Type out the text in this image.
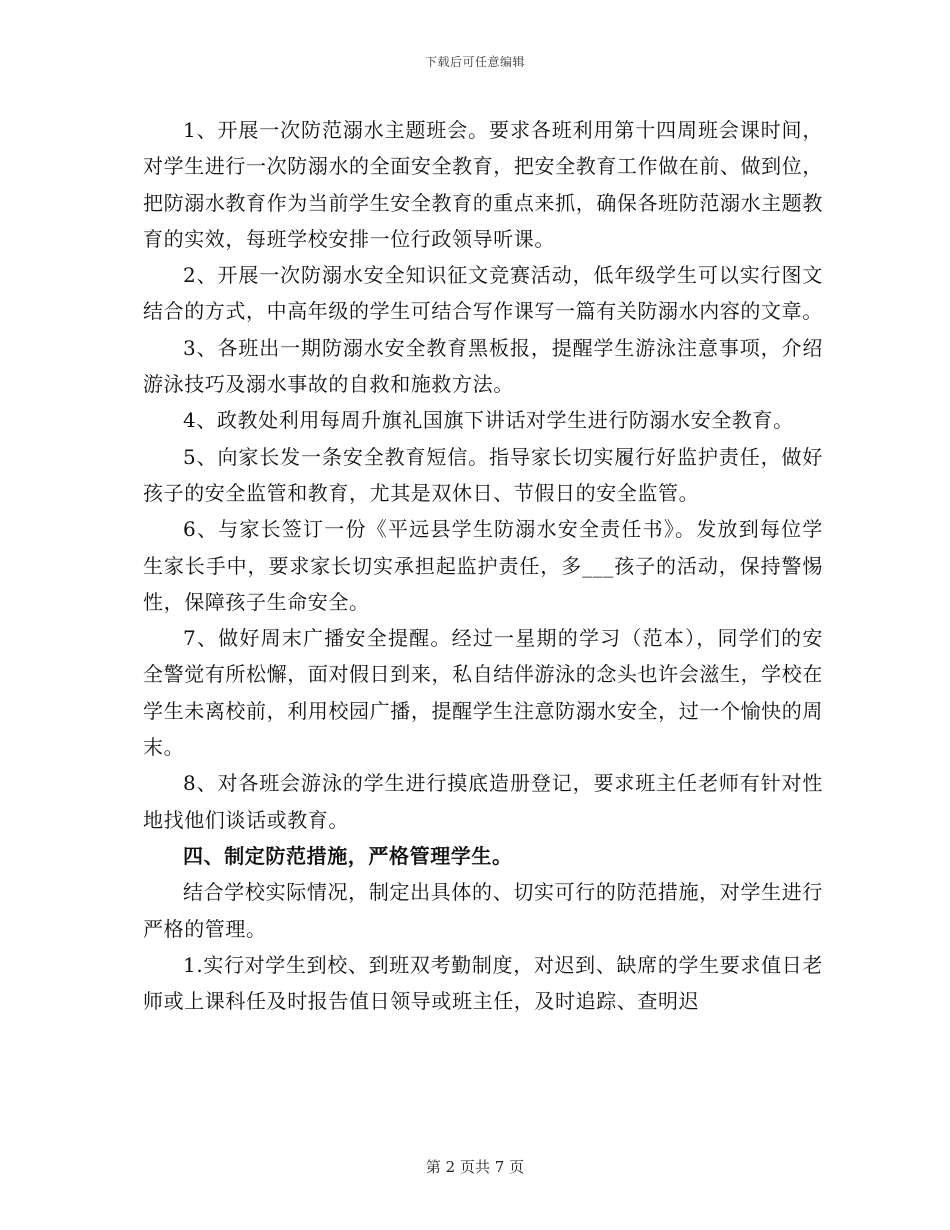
下载后可任意编辑

1、开展一次防范溺水主题班会。要求各班利用第十四周班会课时间，对学生进行一次防溺水的全面安全教育，把安全教育工作做在前、做到位，把防溺水教育作为当前学生安全教育的重点来抓，确保各班防范溺水主题教育的实效，每班学校安排一位行政领导听课。

2、开展一次防溺水安全知识征文竞赛活动，低年级学生可以实行图文结合的方式，中高年级的学生可结合写作课写一篇有关防溺水内容的文章。

3、各班出一期防溺水安全教育黑板报，提醒学生游泳注意事项，介绍游泳技巧及溺水事故的自救和施救方法。

4、政教处利用每周升旗礼国旗下讲话对学生进行防溺水安全教育。

5、向家长发一条安全教育短信。指导家长切实履行好监护责任，做好孩子的安全监管和教育，尤其是双休日、节假日的安全监管。

6、与家长签订一份《平远县学生防溺水安全责任书》。发放到每位学生家长手中，要求家长切实承担起监护责任，多___孩子的活动，保持警惕性，保障孩子生命安全。

7、做好周末广播安全提醒。经过一星期的学习（范本），同学们的安全警觉有所松懈，面对假日到来，私自结伴游泳的念头也许会滋生，学校在学生未离校前，利用校园广播，提醒学生注意防溺水安全，过一个愉快的周末。

8、对各班会游泳的学生进行摸底造册登记，要求班主任老师有针对性地找他们谈话或教育。

四、制定防范措施，严格管理学生。

结合学校实际情况，制定出具体的、切实可行的防范措施，对学生进行严格的管理。

1.实行对学生到校、到班双考勤制度，对迟到、缺席的学生要求值日老师或上课科任及时报告值日领导或班主任，及时追踪、查明迟

第 2 页共 7 页
